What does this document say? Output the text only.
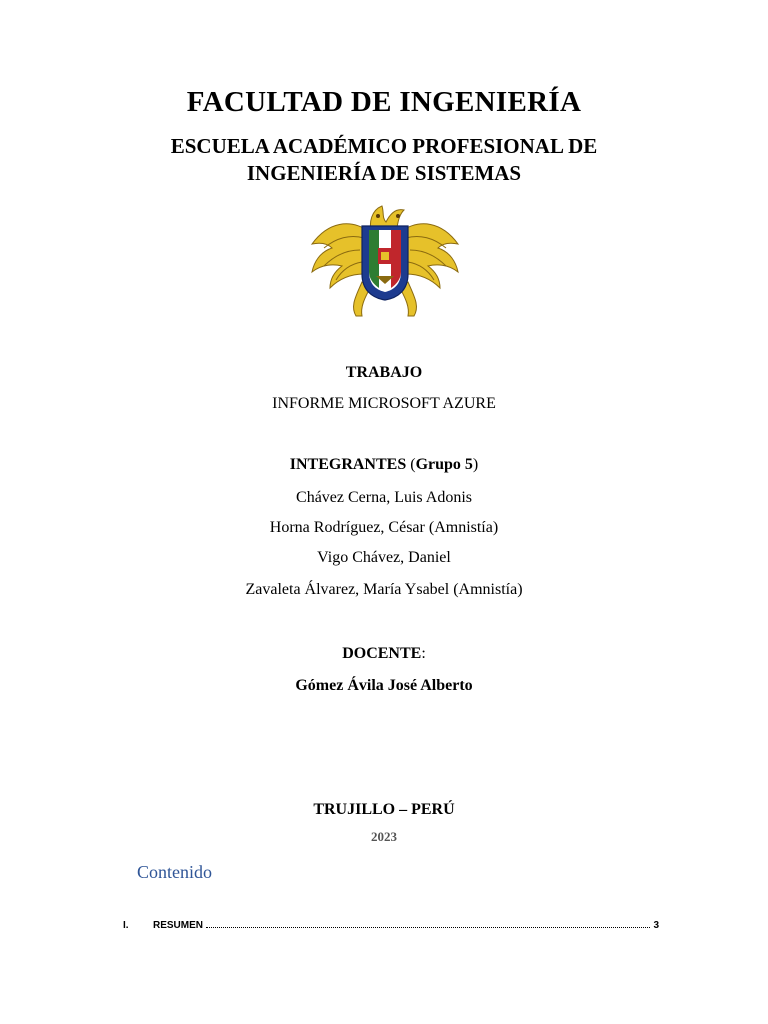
FACULTAD DE INGENIERÍA
ESCUELA ACADÉMICO PROFESIONAL DE
INGENIERÍA DE SISTEMAS
TRABAJO
INFORME MICROSOFT AZURE
INTEGRANTES (Grupo 5)
Chávez Cerna, Luis Adonis
Horna Rodríguez, César (Amnistía)
Vigo Chávez, Daniel
Zavaleta Álvarez, María Ysabel (Amnistía)
DOCENTE:
Gómez Ávila José Alberto
TRUJILLO – PERÚ
2023
Contenido
I.	RESUMEN	3
